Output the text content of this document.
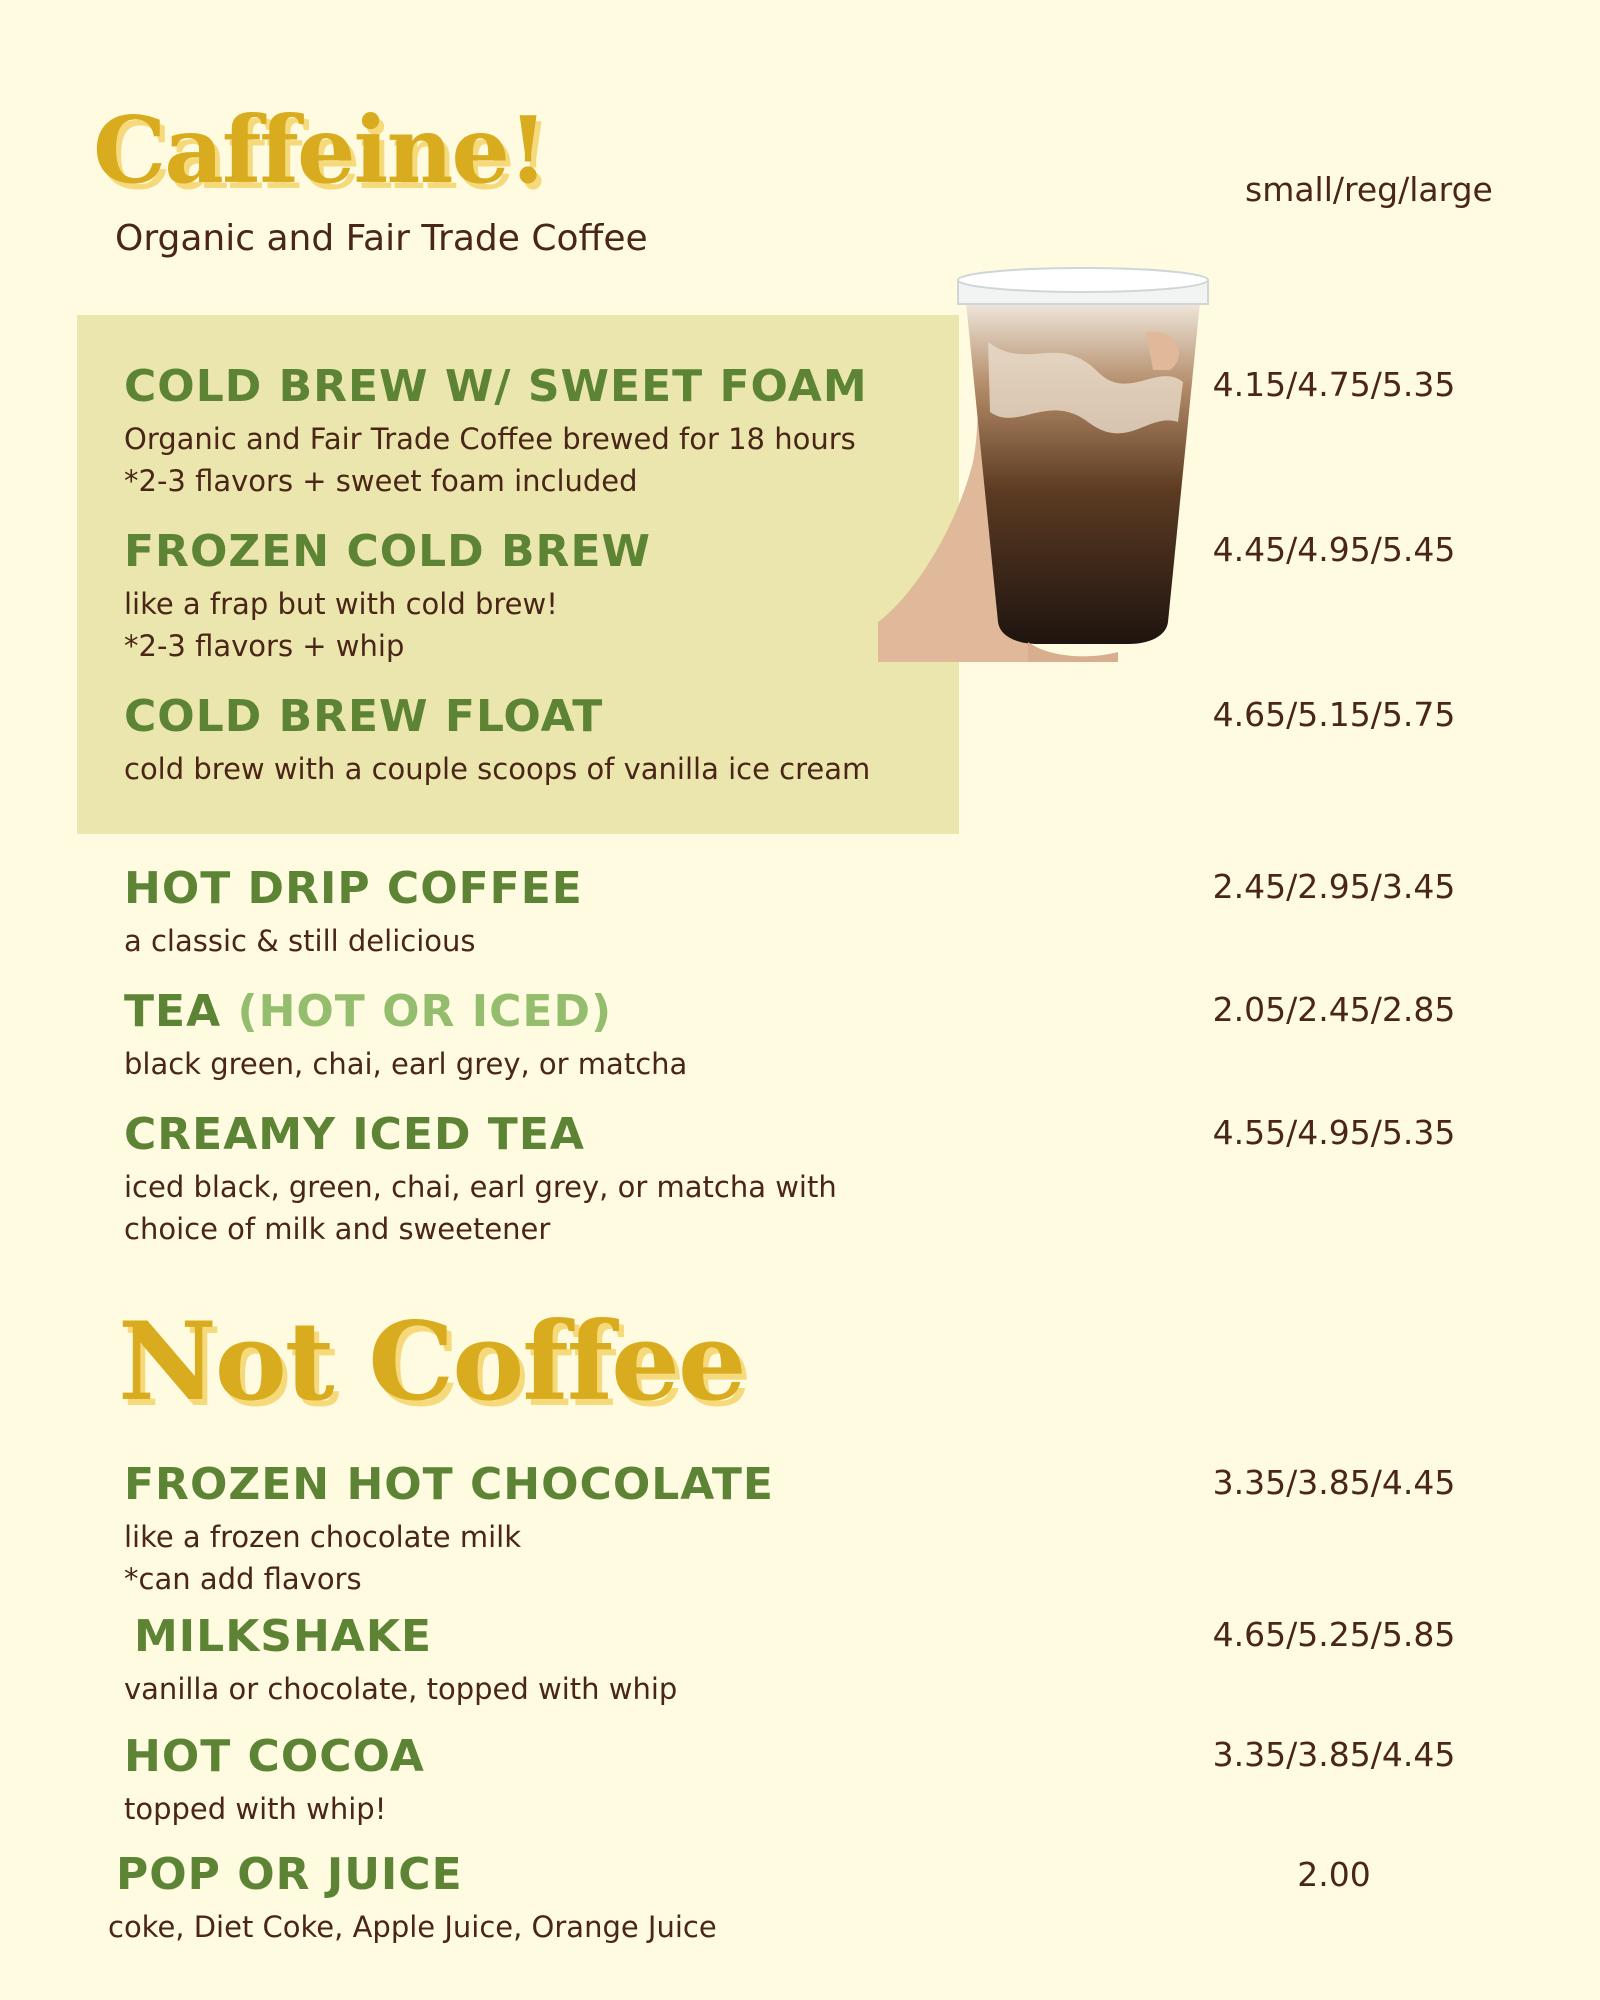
Caffeine!
Organic and Fair Trade Coffee
small/reg/large
COLD BREW W/ SWEET FOAM
Organic and Fair Trade Coffee brewed for 18 hours
*2-3 flavors + sweet foam included
4.15/4.75/5.35
FROZEN COLD BREW
like a frap but with cold brew!
*2-3 flavors + whip
4.45/4.95/5.45
COLD BREW FLOAT
cold brew with a couple scoops of vanilla ice cream
4.65/5.15/5.75
HOT DRIP COFFEE
a classic & still delicious
2.45/2.95/3.45
TEA (HOT OR ICED)
black green, chai, earl grey, or matcha
2.05/2.45/2.85
CREAMY ICED TEA
iced black, green, chai, earl grey, or matcha with
choice of milk and sweetener
4.55/4.95/5.35
Not Coffee
FROZEN HOT CHOCOLATE
like a frozen chocolate milk
*can add flavors
3.35/3.85/4.45
MILKSHAKE
vanilla or chocolate, topped with whip
4.65/5.25/5.85
HOT COCOA
topped with whip!
3.35/3.85/4.45
POP OR JUICE
coke, Diet Coke, Apple Juice, Orange Juice
2.00
